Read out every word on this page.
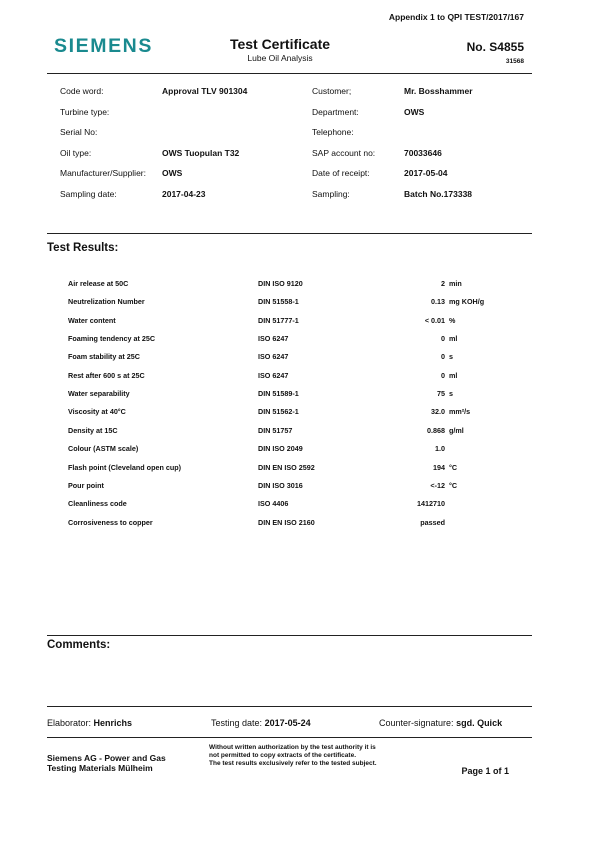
Appendix 1 to QPI TEST/2017/167
SIEMENS	Test Certificate
Lube Oil Analysis
No. S4855
31568
Code word:	Approval TLV 901304
Turbine type:
Serial No:
Oil type:	OWS Tuopulan T32
Manufacturer/Supplier: OWS
Sampling date:	2017-04-23
Customer;	Mr. Bosshammer
Department:	OWS
Telephone:
SAP account no:	70033646
Date of receipt:	2017-05-04
Sampling:	Batch No.173338
Test Results:
Air release at 50C	DIN ISO 9120	2 min
Neutrelization Number	DIN 51558-1	0.13 mg KOH/g
Water content	DIN 51777-1	< 0.01 %
Foaming tendency at 25C	ISO 6247	0 ml
Foam stability at 25C	ISO 6247	0 s
Rest after 600 s at 25C	ISO 6247	0 ml
Water separability	DIN 51589-1	75 s
Viscosity at 40°C	DIN 51562-1	32.0 mm²/s
Density at 15C	DIN 51757	0.868 g/ml
Colour (ASTM scale)	DIN ISO 2049	1.0
Flash point (Cleveland open cup)	DIN EN ISO 2592	194 °C
Pour point	DIN ISO 3016	<-12 °C
Cleanliness code	ISO 4406	1412710
Corrosiveness to copper	DIN EN ISO 2160	passed
Comments:
Elaborator: Henrichs	Testing date: 2017-05-24	Counter-signature: sgd. Quick
Siemens AG - Power and Gas
Testing Materials Mülheim
Without written authorization by the test authority it is
not permitted to copy extracts of the certificate.
The test results exclusively refer to the tested subject.
Page 1 of 1
